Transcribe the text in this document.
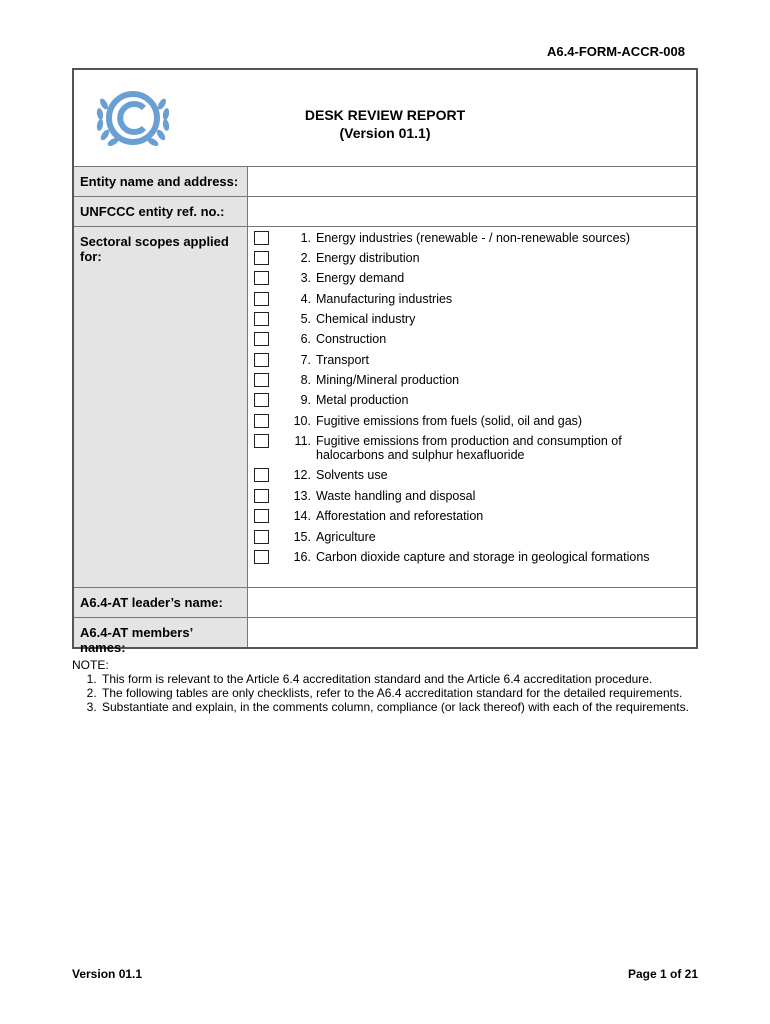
A6.4-FORM-ACCR-008
DESK REVIEW REPORT
(Version 01.1)
Entity name and address:
UNFCCC entity ref. no.:
Sectoral scopes applied for:
1. Energy industries (renewable - / non-renewable sources)
2. Energy distribution
3. Energy demand
4. Manufacturing industries
5. Chemical industry
6. Construction
7. Transport
8. Mining/Mineral production
9. Metal production
10. Fugitive emissions from fuels (solid, oil and gas)
11. Fugitive emissions from production and consumption of halocarbons and sulphur hexafluoride
12. Solvents use
13. Waste handling and disposal
14. Afforestation and reforestation
15. Agriculture
16. Carbon dioxide capture and storage in geological formations
A6.4-AT leader’s name:
A6.4-AT members’ names:
NOTE:
1. This form is relevant to the Article 6.4 accreditation standard and the Article 6.4 accreditation procedure.
2. The following tables are only checklists, refer to the A6.4 accreditation standard for the detailed requirements.
3. Substantiate and explain, in the comments column, compliance (or lack thereof) with each of the requirements.
Version 01.1	Page 1 of 21
